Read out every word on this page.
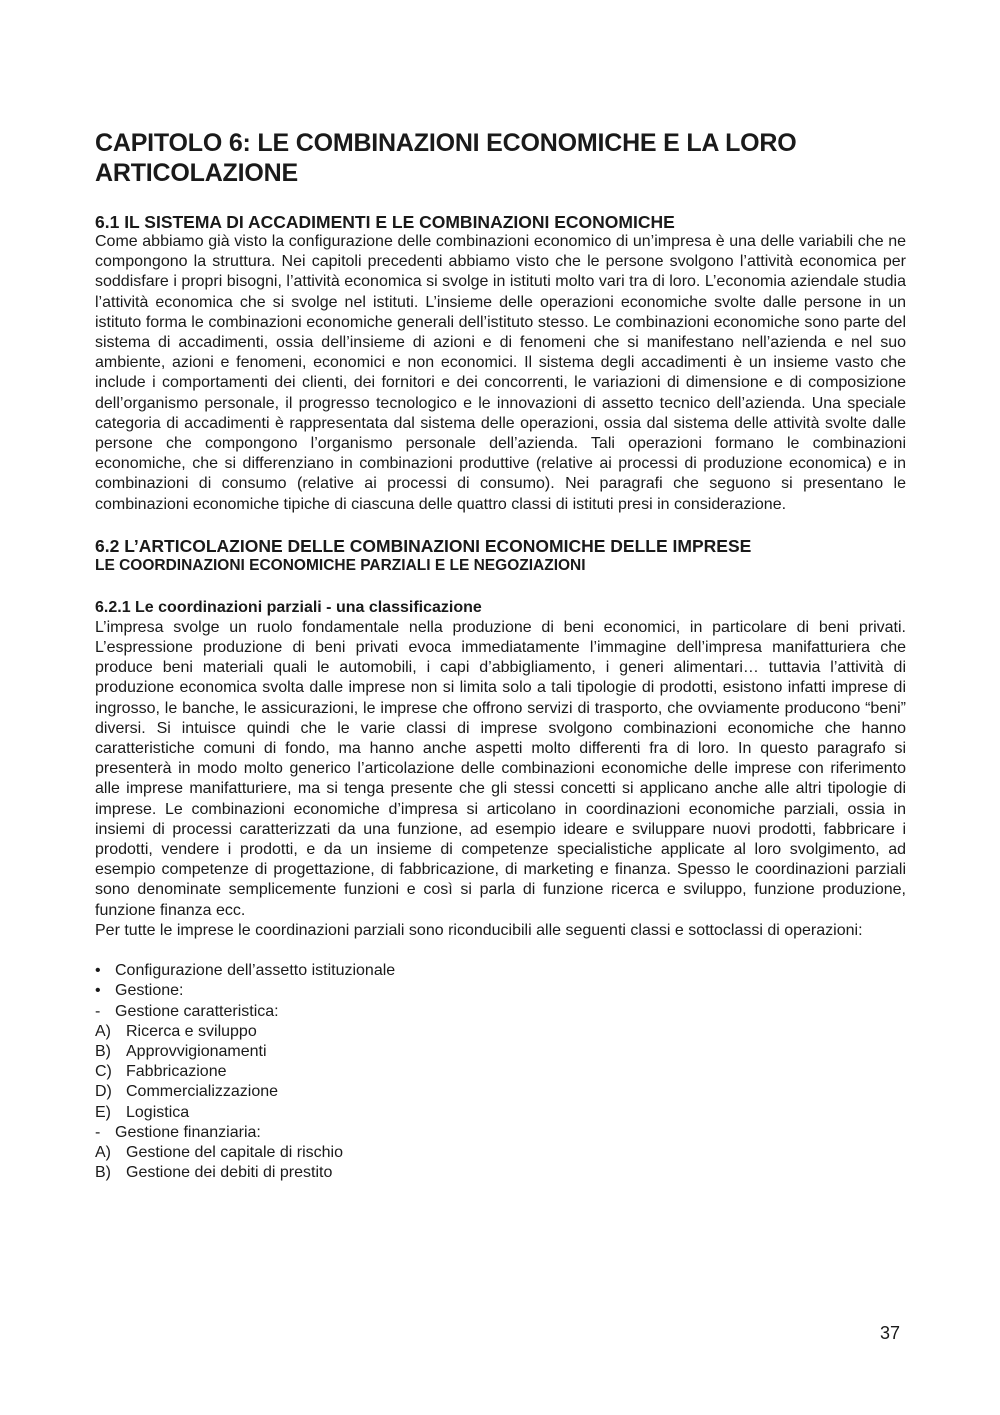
CAPITOLO 6: LE COMBINAZIONI ECONOMICHE E LA LORO ARTICOLAZIONE
6.1 IL SISTEMA DI ACCADIMENTI E LE COMBINAZIONI ECONOMICHE

Come abbiamo già visto la configurazione delle combinazioni economico di un’impresa è una delle variabili che ne compongono la struttura. Nei capitoli precedenti abbiamo visto che le persone svolgono l’attività economica per soddisfare i propri bisogni, l’attività economica si svolge in istituti molto vari tra di loro. L’economia aziendale studia l’attività economica che si svolge nel istituti. L’insieme delle operazioni economiche svolte dalle persone in un istituto forma le combinazioni economiche generali dell’istituto stesso. Le combinazioni economiche sono parte del sistema di accadimenti, ossia dell’insieme di azioni e di fenomeni che si manifestano nell’azienda e nel suo ambiente, azioni e fenomeni, economici e non economici. Il sistema degli accadimenti è un insieme vasto che include i comportamenti dei clienti, dei fornitori e dei concorrenti, le variazioni di dimensione e di composizione dell’organismo personale, il progresso tecnologico e le innovazioni di assetto tecnico dell’azienda. Una speciale categoria di accadimenti è rappresentata dal sistema delle operazioni, ossia dal sistema delle attività svolte dalle persone che compongono l’organismo personale dell’azienda. Tali operazioni formano le combinazioni economiche, che si differenziano in combinazioni produttive (relative ai processi di produzione economica) e in combinazioni di consumo (relative ai processi di consumo). Nei paragrafi che seguono si presentano le combinazioni economiche tipiche di ciascuna delle quattro classi di istituti presi in considerazione.

6.2 L’ARTICOLAZIONE DELLE COMBINAZIONI ECONOMICHE DELLE IMPRESE
LE COORDINAZIONI ECONOMICHE PARZIALI E LE NEGOZIAZIONI
6.2.1 Le coordinazioni parziali - una classificazione

L’impresa svolge un ruolo fondamentale nella produzione di beni economici, in particolare di beni privati. L’espressione produzione di beni privati evoca immediatamente l’immagine dell’impresa manifatturiera che produce beni materiali quali le automobili, i capi d’abbigliamento, i generi alimentari… tuttavia l’attività di produzione economica svolta dalle imprese non si limita solo a tali tipologie di prodotti, esistono infatti imprese di ingrosso, le banche, le assicurazioni, le imprese che offrono servizi di trasporto, che ovviamente producono “beni” diversi. Si intuisce quindi che le varie classi di imprese svolgono combinazioni economiche che hanno caratteristiche comuni di fondo, ma hanno anche aspetti molto differenti fra di loro. In questo paragrafo si presenterà in modo molto generico l’articolazione delle combinazioni economiche delle imprese con riferimento alle imprese manifatturiere, ma si tenga presente che gli stessi concetti si applicano anche alle altri tipologie di imprese. Le combinazioni economiche d’impresa si articolano in coordinazioni economiche parziali, ossia in insiemi di processi caratterizzati da una funzione, ad esempio ideare e sviluppare nuovi prodotti, fabbricare i prodotti, vendere i prodotti, e da un insieme di competenze specialistiche applicate al loro svolgimento, ad esempio competenze di progettazione, di fabbricazione, di marketing e finanza. Spesso le coordinazioni parziali sono denominate semplicemente funzioni e così si parla di funzione ricerca e sviluppo, funzione produzione, funzione finanza ecc.

Per tutte le imprese le coordinazioni parziali sono riconducibili alle seguenti classi e sottoclassi di operazioni:

• Configurazione dell’assetto istituzionale
• Gestione:
- Gestione caratteristica:
A) Ricerca e sviluppo
B) Approvvigionamenti
C) Fabbricazione
D) Commercializzazione
E) Logistica
- Gestione finanziaria:
A) Gestione del capitale di rischio
B) Gestione dei debiti di prestito
37
